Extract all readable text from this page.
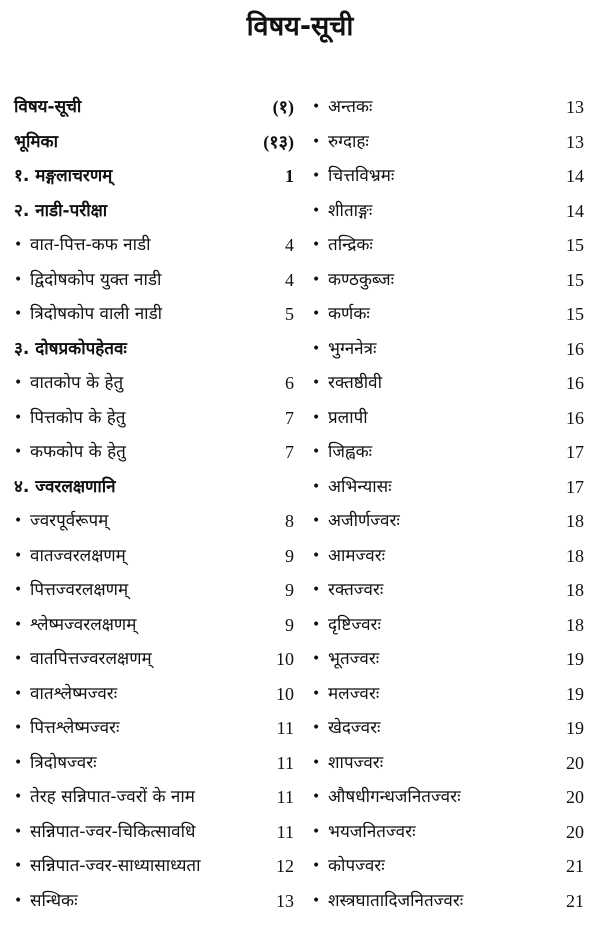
विषय-सूची
विषय-सूची	(१)
भूमिका	(१३)
१. मङ्गलाचरणम्	1
२. नाडी-परीक्षा
• वात-पित्त-कफ नाडी	4
• द्विदोषकोप युक्त नाडी	4
• त्रिदोषकोप वाली नाडी	5
३. दोषप्रकोपहेतवः
• वातकोप के हेतु	6
• पित्तकोप के हेतु	7
• कफकोप के हेतु	7
४. ज्वरलक्षणानि
• ज्वरपूर्वरूपम्	8
• वातज्वरलक्षणम्	9
• पित्तज्वरलक्षणम्	9
• श्लेष्मज्वरलक्षणम्	9
• वातपित्तज्वरलक्षणम्	10
• वातश्लेष्मज्वरः	10
• पित्तश्लेष्मज्वरः	11
• त्रिदोषज्वरः	11
• तेरह सन्निपात-ज्वरों के नाम	11
• सन्निपात-ज्वर-चिकित्सावधि	11
• सन्निपात-ज्वर-साध्यासाध्यता	12
• सन्धिकः	13
• अन्तकः	13
• रुग्दाहः	13
• चित्तविभ्रमः	14
• शीताङ्गः	14
• तन्द्रिकः	15
• कण्ठकुब्जः	15
• कर्णकः	15
• भुग्ननेत्रः	16
• रक्तष्ठीवी	16
• प्रलापी	16
• जिह्वकः	17
• अभिन्यासः	17
• अजीर्णज्वरः	18
• आमज्वरः	18
• रक्तज्वरः	18
• दृष्टिज्वरः	18
• भूतज्वरः	19
• मलज्वरः	19
• खेदज्वरः	19
• शापज्वरः	20
• औषधीगन्धजनितज्वरः	20
• भयजनितज्वरः	20
• कोपज्वरः	21
• शस्त्रघातादिजनितज्वरः	21
